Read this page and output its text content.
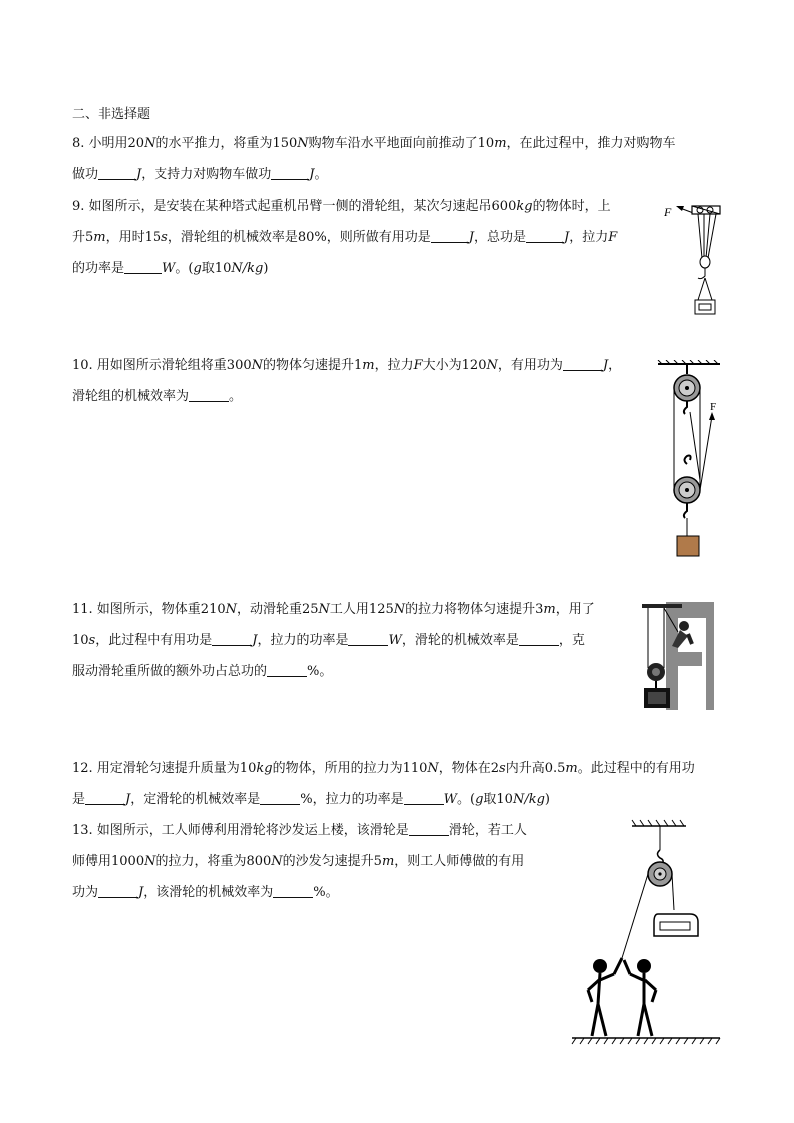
二、非选择题

8. 小明用20N的水平推力，将重为150N购物车沿水平地面向前推动了10m，在此过程中，推力对购物车

做功	J，支持力对购物车做功	J。

9. 如图所示，是安装在某种塔式起重机吊臂一侧的滑轮组，某次匀速起吊600kg的物体时，上

升5m，用时15s，滑轮组的机械效率是80%，则所做有用功是	J，总功是	J，拉力F

的功率是	W。(g取10N/kg)

F

10. 用如图所示滑轮组将重300N的物体匀速提升1m，拉力F大小为120N，有用功为	J，

滑轮组的机械效率为	。

F

11. 如图所示，物体重210N，动滑轮重25N工人用125N的拉力将物体匀速提升3m，用了

10s，此过程中有用功是	J，拉力的功率是	W，滑轮的机械效率是	，克

服动滑轮重所做的额外功占总功的	%。

12. 用定滑轮匀速提升质量为10kg的物体，所用的拉力为110N，物体在2s内升高0.5m。此过程中的有用功

是	J，定滑轮的机械效率是	%，拉力的功率是	W。(g取10N/kg)

13. 如图所示，工人师傅利用滑轮将沙发运上楼，该滑轮是	滑轮，若工人

师傅用1000N的拉力，将重为800N的沙发匀速提升5m，则工人师傅做的有用

功为	J，该滑轮的机械效率为	%。
